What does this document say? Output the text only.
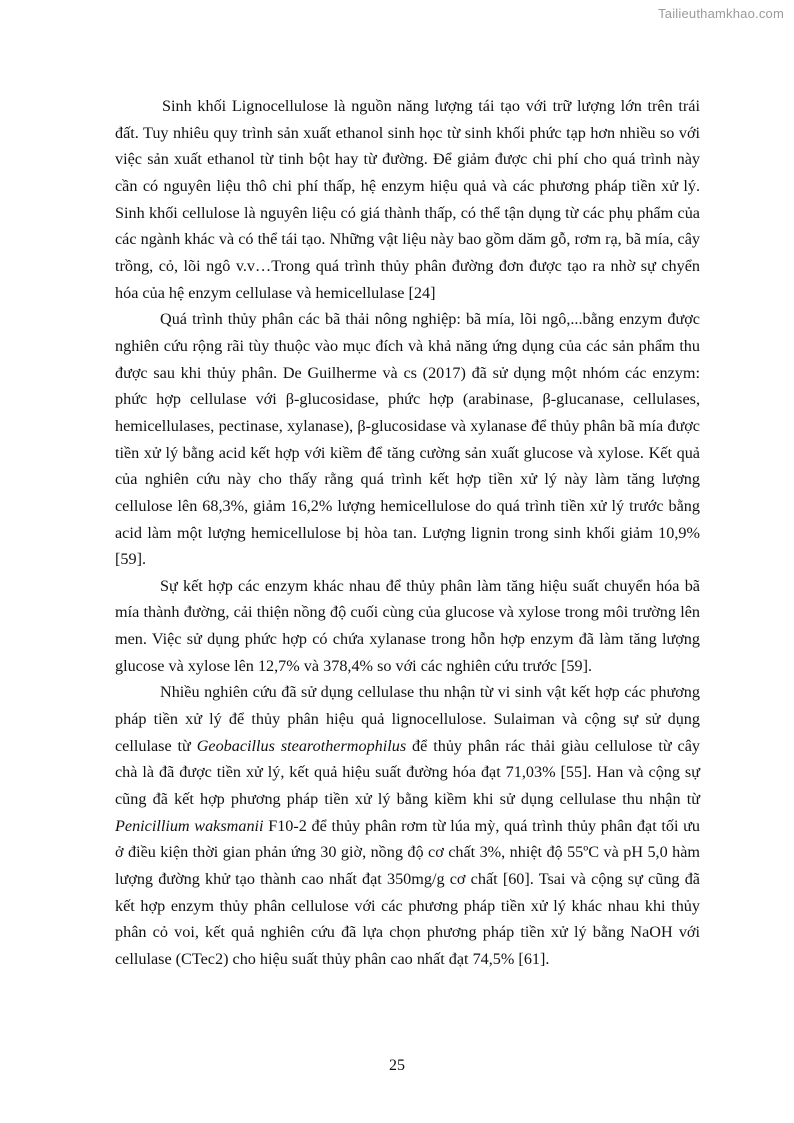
Tailieuthamkhao.com

Sinh khối Lignocellulose là nguồn năng lượng tái tạo với trữ lượng lớn trên trái đất. Tuy nhiêu quy trình sản xuất ethanol sinh học từ sinh khối phức tạp hơn nhiều so với việc sản xuất ethanol từ tinh bột hay từ đường. Để giảm được chi phí cho quá trình này cần có nguyên liệu thô chi phí thấp, hệ enzym hiệu quả và các phương pháp tiền xử lý. Sinh khối cellulose là nguyên liệu có giá thành thấp, có thể tận dụng từ các phụ phẩm của các ngành khác và có thể tái tạo. Những vật liệu này bao gồm dăm gỗ, rơm rạ, bã mía, cây trồng, cỏ, lõi ngô v.v…Trong quá trình thủy phân đường đơn được tạo ra nhờ sự chyển hóa của hệ enzym cellulase và hemicellulase [24]

Quá trình thủy phân các bã thải nông nghiệp: bã mía, lõi ngô,...bằng enzym được nghiên cứu rộng rãi tùy thuộc vào mục đích và khả năng ứng dụng của các sản phẩm thu được sau khi thủy phân. De Guilherme và cs (2017) đã sử dụng một nhóm các enzym: phức hợp cellulase với β-glucosidase, phức hợp (arabinase, β-glucanase, cellulases, hemicellulases, pectinase, xylanase), β-glucosidase và xylanase để thủy phân bã mía được tiền xử lý bằng acid kết hợp với kiềm để tăng cường sản xuất glucose và xylose. Kết quả của nghiên cứu này cho thấy rằng quá trình kết hợp tiền xử lý này làm tăng lượng cellulose lên 68,3%, giảm 16,2% lượng hemicellulose do quá trình tiền xử lý trước bằng acid làm một lượng hemicellulose bị hòa tan. Lượng lignin trong sinh khối giảm 10,9% [59].

Sự kết hợp các enzym khác nhau để thủy phân làm tăng hiệu suất chuyển hóa bã mía thành đường, cải thiện nồng độ cuối cùng của glucose và xylose trong môi trường lên men. Việc sử dụng phức hợp có chứa xylanase trong hỗn hợp enzym đã làm tăng lượng glucose và xylose lên 12,7% và 378,4% so với các nghiên cứu trước [59].

Nhiều nghiên cứu đã sử dụng cellulase thu nhận từ vi sinh vật kết hợp các phương pháp tiền xử lý để thủy phân hiệu quả lignocellulose. Sulaiman và cộng sự sử dụng cellulase từ Geobacillus stearothermophilus để thủy phân rác thải giàu cellulose từ cây chà là đã được tiền xử lý, kết quả hiệu suất đường hóa đạt 71,03% [55]. Han và cộng sự cũng đã kết hợp phương pháp tiền xử lý bằng kiềm khi sử dụng cellulase thu nhận từ Penicillium waksmanii F10-2 để thủy phân rơm từ lúa mỳ, quá trình thủy phân đạt tối ưu ở điều kiện thời gian phản ứng 30 giờ, nồng độ cơ chất 3%, nhiệt độ 55ºC và pH 5,0 hàm lượng đường khử tạo thành cao nhất đạt 350mg/g cơ chất [60]. Tsai và cộng sự cũng đã kết hợp enzym thủy phân cellulose với các phương pháp tiền xử lý khác nhau khi thủy phân cỏ voi, kết quả nghiên cứu đã lựa chọn phương pháp tiền xử lý bằng NaOH với cellulase (CTec2) cho hiệu suất thủy phân cao nhất đạt 74,5% [61].

25
